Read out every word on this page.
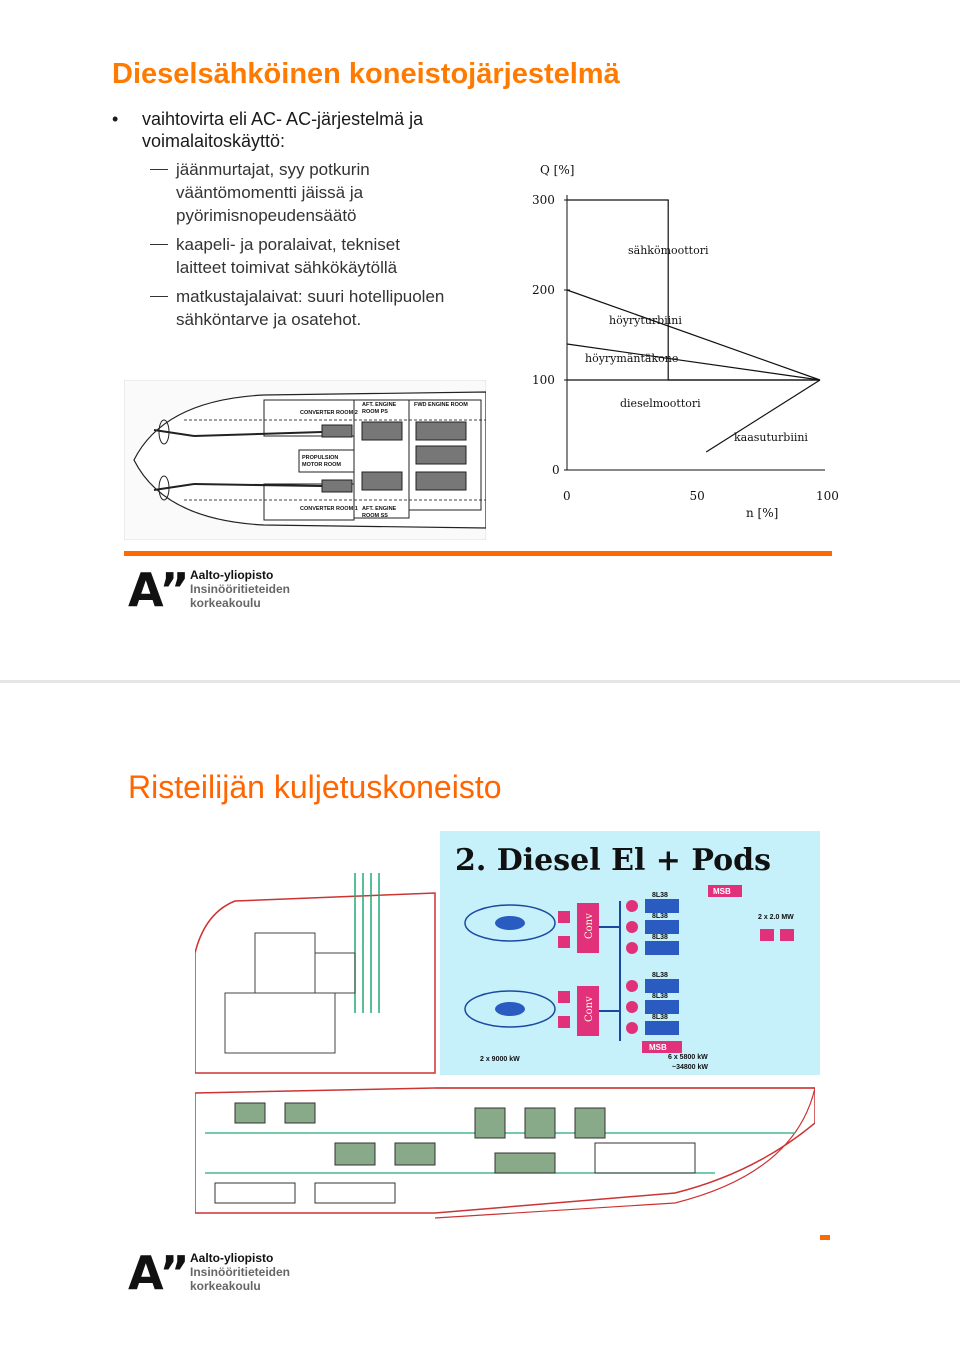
Dieselsähköinen koneistojärjestelmä
• vaihtovirta eli AC- AC-järjestelmä ja voimalaitoskäyttö:
jäänmurtajat, syy potkurin vääntömomentti jäissä ja pyörimisnopeudensäätö
kaapeli- ja poralaivat, tekniset laitteet toimivat sähkökäytöllä
matkustajalaivat: suuri hotellipuolen sähköntarve ja osatehot.
CONVERTER ROOM 2
AFT. ENGINE
ROOM PS
FWD ENGINE ROOM
PROPULSION
MOTOR ROOM
CONVERTER ROOM 1 AFT. ENGINE
ROOM SS
Q [%]
n [%]
300
200
100
0
0	50	100
sähkömoottori
höyryturbiini
höyrymäntäkone
dieselmoottori
kaasuturbiini
A” Aalto-yliopisto
Insinööritieteiden
korkeakoulu
Risteilijän kuljetuskoneisto
2. Diesel El + Pods
Conv
Conv
8L38
8L38
8L38
8L38
8L38
8L38
MSB
MSB
2 x 2.0 MW
2 x 9000 kW	6 x 5800 kW
~34800 kW
A” Aalto-yliopisto
Insinööritieteiden
korkeakoulu
